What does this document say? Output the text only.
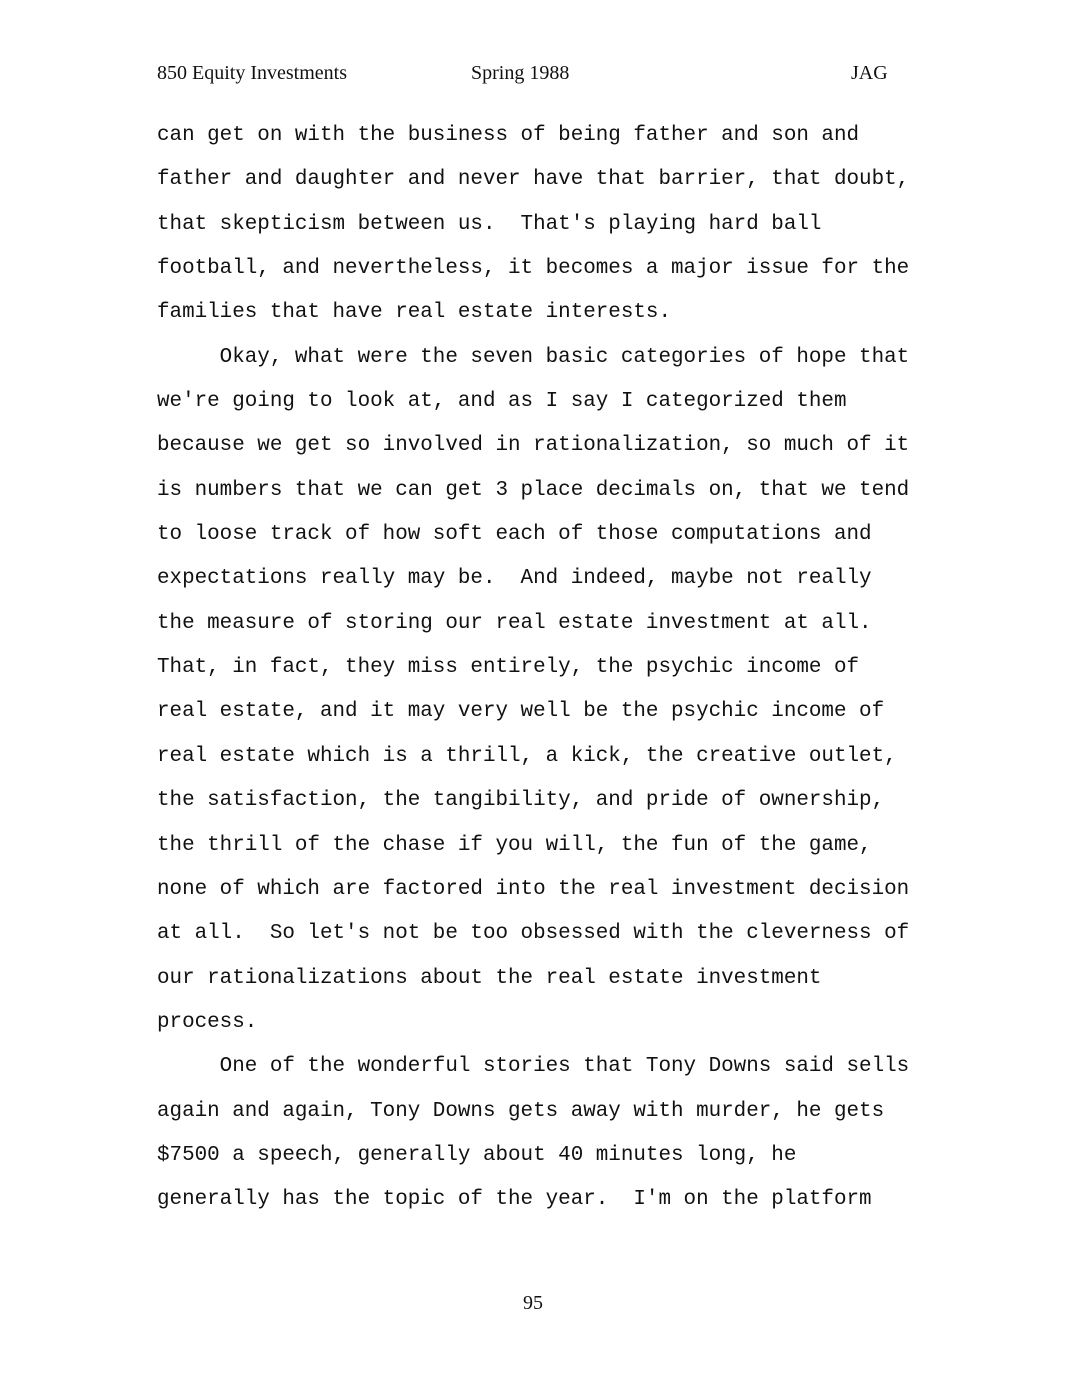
850 Equity Investments	Spring 1988	JAG
can get on with the business of being father and son and
father and daughter and never have that barrier, that doubt,
that skepticism between us.  That's playing hard ball
football, and nevertheless, it becomes a major issue for the
families that have real estate interests.
Okay, what were the seven basic categories of hope that
we're going to look at, and as I say I categorized them
because we get so involved in rationalization, so much of it
is numbers that we can get 3 place decimals on, that we tend
to loose track of how soft each of those computations and
expectations really may be.  And indeed, maybe not really
the measure of storing our real estate investment at all.
That, in fact, they miss entirely, the psychic income of
real estate, and it may very well be the psychic income of
real estate which is a thrill, a kick, the creative outlet,
the satisfaction, the tangibility, and pride of ownership,
the thrill of the chase if you will, the fun of the game,
none of which are factored into the real investment decision
at all.  So let's not be too obsessed with the cleverness of
our rationalizations about the real estate investment
process.
One of the wonderful stories that Tony Downs said sells
again and again, Tony Downs gets away with murder, he gets
$7500 a speech, generally about 40 minutes long, he
generally has the topic of the year.  I'm on the platform
95
